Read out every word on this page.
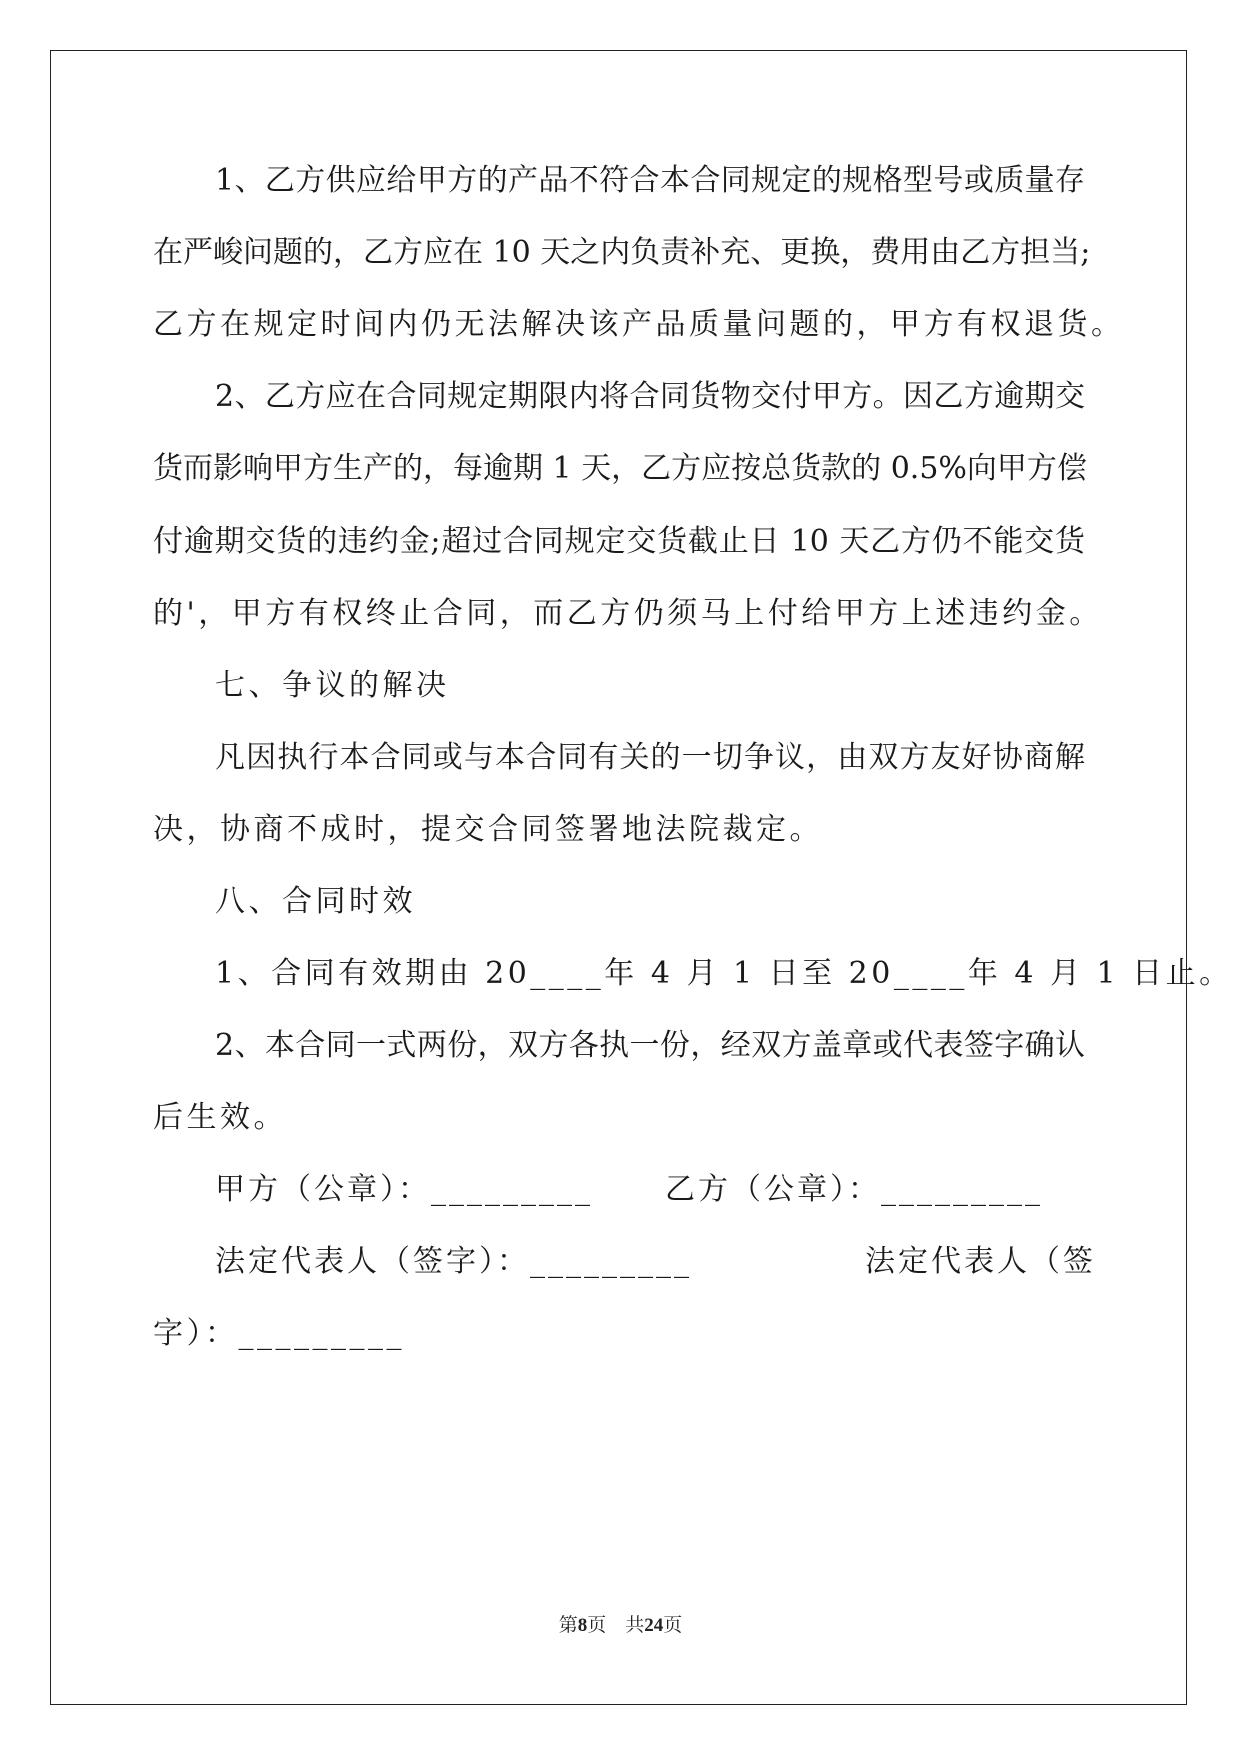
1、乙方供应给甲方的产品不符合本合同规定的规格型号或质量存
在严峻问题的，乙方应在 10 天之内负责补充、更换，费用由乙方担当;
乙方在规定时间内仍无法解决该产品质量问题的，甲方有权退货。
2、乙方应在合同规定期限内将合同货物交付甲方。因乙方逾期交
货而影响甲方生产的，每逾期 1 天，乙方应按总货款的 0.5%向甲方偿
付逾期交货的违约金;超过合同规定交货截止日 10 天乙方仍不能交货
的'，甲方有权终止合同，而乙方仍须马上付给甲方上述违约金。
七、争议的解决
凡因执行本合同或与本合同有关的一切争议，由双方友好协商解
决，协商不成时，提交合同签署地法院裁定。
八、合同时效
1、合同有效期由 20____年 4 月 1 日至 20____年 4 月 1 日止。
2、本合同一式两份，双方各执一份，经双方盖章或代表签字确认
后生效。
甲方（公章）：_________ 乙方（公章）：_________
法定代表人（签字）：_________	法定代表人（签
字）：_________
第8页　共24页
